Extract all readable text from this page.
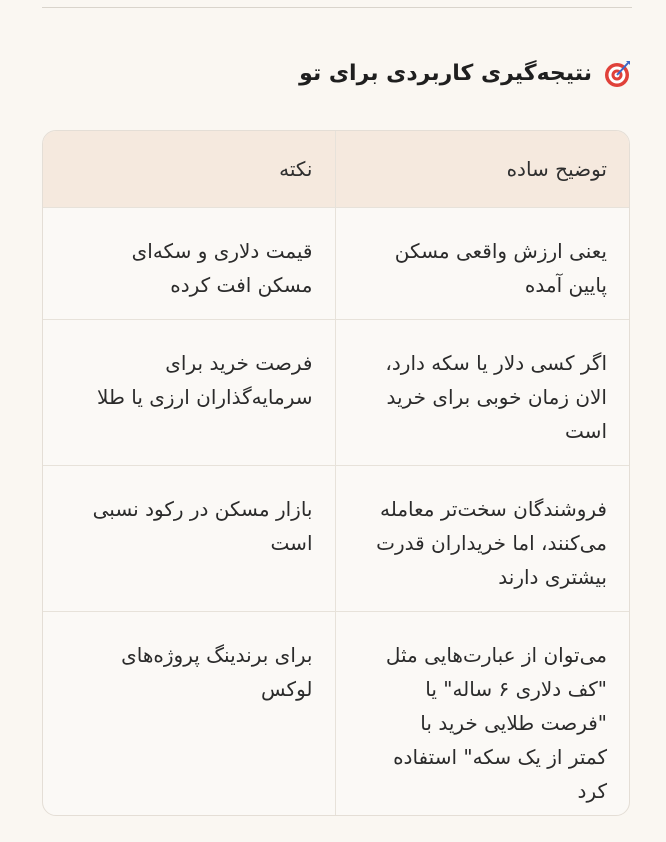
نتیجه‌گیری کاربردی برای تو
توضیح ساده	نکته

یعنی ارزش واقعی مسکن
پایین آمده	قیمت دلاری و سکه‌ای
مسکن افت کرده

اگر کسی دلار یا سکه دارد،
الان زمان خوبی برای خرید
است	فرصت خرید برای
سرمایه‌گذاران ارزی یا طلا

فروشندگان سخت‌تر معامله
می‌کنند، اما خریداران قدرت
بیشتری دارند	بازار مسکن در رکود نسبی
است

می‌توان از عبارت‌هایی مثل
"کف دلاری ۶ ساله" یا
"فرصت طلایی خرید با
کمتر از یک سکه" استفاده
کرد	برای برندینگ پروژه‌های
لوکس
